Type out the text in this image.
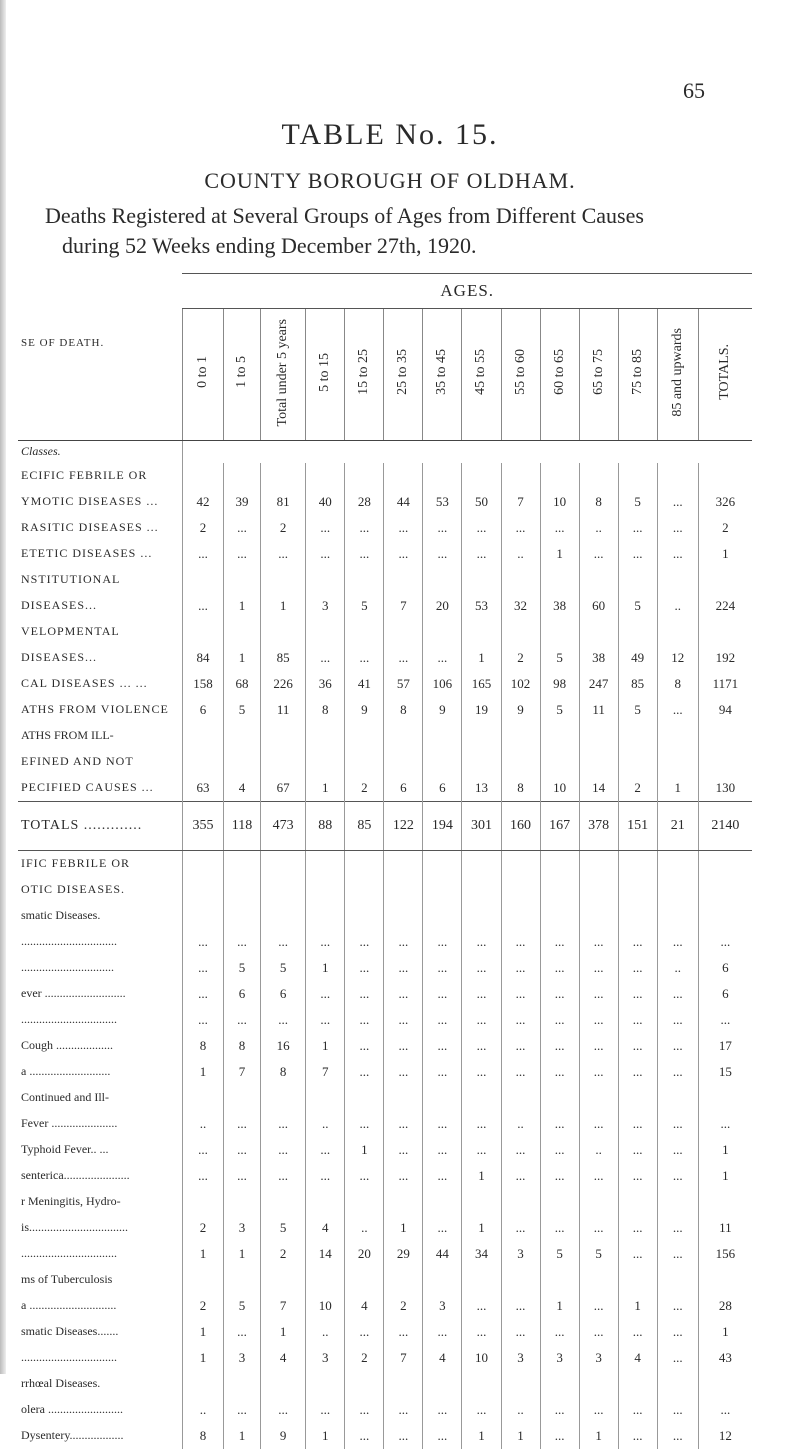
65
TABLE No. 15.
COUNTY BOROUGH OF OLDHAM.
Deaths Registered at Several Groups of Ages from Different Causes
during 52 Weeks ending December 27th, 1920.
	AGES.													
SE OF DEATH.	0 to 1	1 to 5	Total under 5 years	5 to 15	15 to 25	25 to 35	35 to 45	45 to 55	55 to 60	60 to 65	65 to 75	75 to 85	85 and upwards	TOTALS.
Classes.														
ECIFIC FEBRILE OR														
YMOTIC DISEASES ...	42	39	81	40	28	44	53	50	7	10	8	5	...	326
RASITIC DISEASES ...	2	...	2	...	...	...	...	...	...	...	..	...	...	2
ETETIC DISEASES ...	...	...	...	...	...	...	...	...	..	1	...	...	...	1
NSTITUTIONAL														
DISEASES...	...	1	1	3	5	7	20	53	32	38	60	5	..	224
VELOPMENTAL														
DISEASES...	84	1	85	...	...	...	...	1	2	5	38	49	12	192
CAL DISEASES ... ...	158	68	226	36	41	57	106	165	102	98	247	85	8	1171
ATHS FROM VIOLENCE	6	5	11	8	9	8	9	19	9	5	11	5	...	94
ATHS FROM ILL-														
EFINED AND NOT														
PECIFIED CAUSES ...	63	4	67	1	2	6	6	13	8	10	14	2	1	130
TOTALS .............	355	118	473	88	85	122	194	301	160	167	378	151	21	2140
IFIC FEBRILE OR														
OTIC DISEASES.														
smatic Diseases.														
................................	...	...	...	...	...	...	...	...	...	...	...	...	...	...
...............................	...	5	5	1	...	...	...	...	...	...	...	...	..	6
ever ...........................	...	6	6	...	...	...	...	...	...	...	...	...	...	6
................................	...	...	...	...	...	...	...	...	...	...	...	...	...	...
Cough ...................	8	8	16	1	...	...	...	...	...	...	...	...	...	17
a ...........................	1	7	8	7	...	...	...	...	...	...	...	...	...	15
Continued and Ill-														
Fever ......................	..	...	...	..	...	...	...	...	..	...	...	...	...	...
Typhoid Fever.. ...	...	...	...	...	1	...	...	...	...	...	..	...	...	1
senterica......................	...	...	...	...	...	...	...	1	...	...	...	...	...	1
r Meningitis, Hydro-														
is.................................	2	3	5	4	..	1	...	1	...	...	...	...	...	11
................................	1	1	2	14	20	29	44	34	3	5	5	...	...	156
ms of Tuberculosis														
a .............................	2	5	7	10	4	2	3	...	...	1	...	1	...	28
smatic Diseases.......	1	...	1	..	...	...	...	...	...	...	...	...	...	1
................................	1	3	4	3	2	7	4	10	3	3	3	4	...	43
rrhœal Diseases.														
olera .........................	..	...	...	...	...	...	...	...	..	...	...	...	...	...
Dysentery..................	8	1	9	1	...	...	...	1	1	...	1	...	...	12
